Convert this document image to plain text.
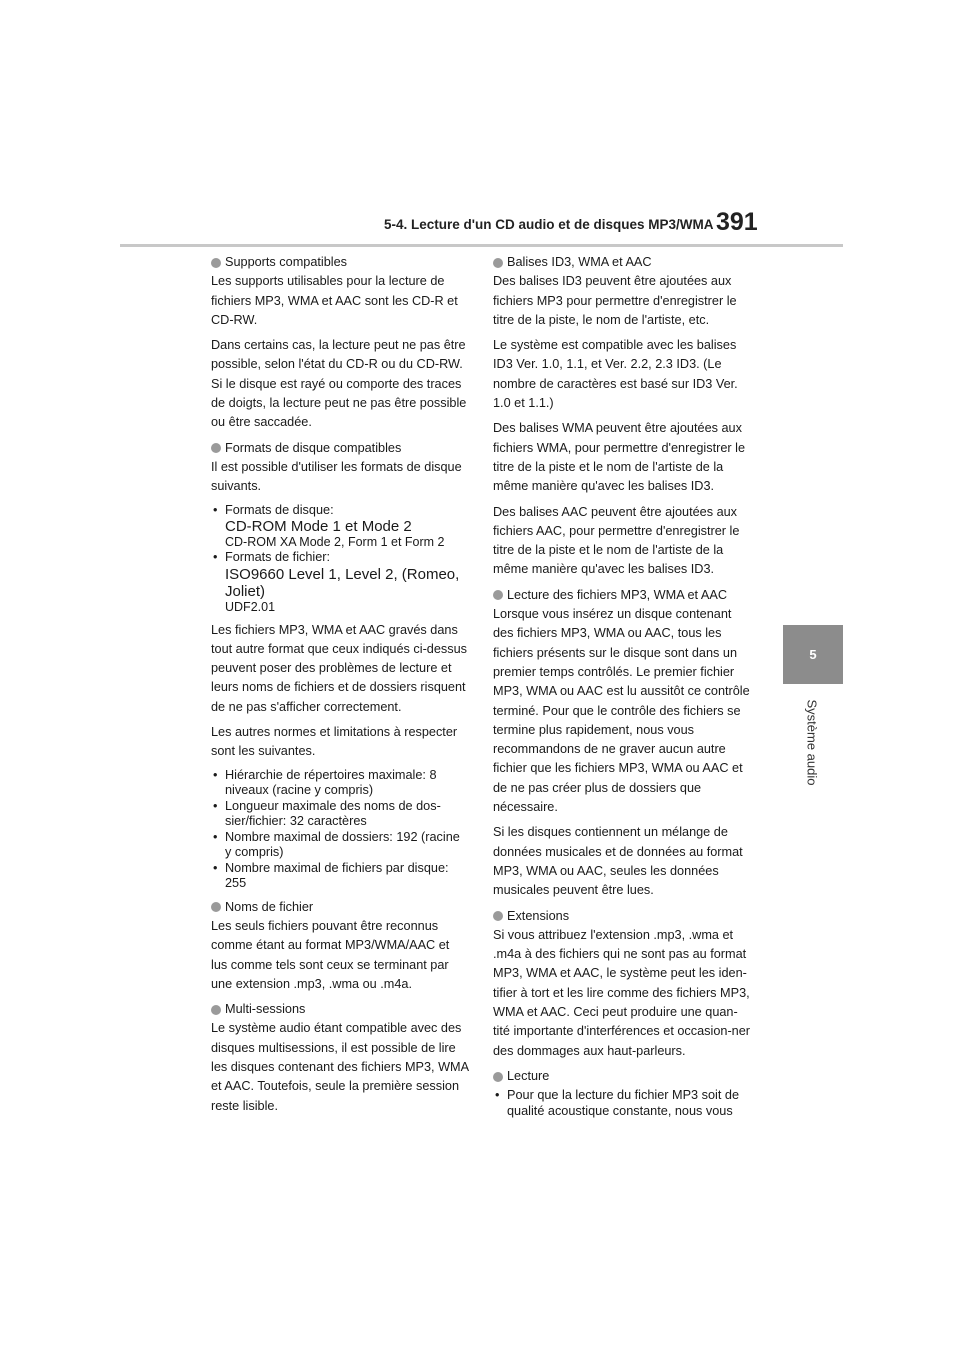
5-4. Lecture d'un CD audio et de disques MP3/WMA 391
5
Système audio
Supports compatibles

Les supports utilisables pour la lecture de fichiers MP3, WMA et AAC sont les CD-R et CD-RW.

Dans certains cas, la lecture peut ne pas être possible, selon l'état du CD-R ou du CD-RW. Si le disque est rayé ou comporte des traces de doigts, la lecture peut ne pas être possible ou être saccadée.

Formats de disque compatibles

Il est possible d'utiliser les formats de disque suivants.

• Formats de disque:
CD-ROM Mode 1 et Mode 2
CD-ROM XA Mode 2, Form 1 et Form 2
• Formats de fichier:
ISO9660 Level 1, Level 2, (Romeo, Joliet)
UDF2.01

Les fichiers MP3, WMA et AAC gravés dans tout autre format que ceux indiqués ci-dessus peuvent poser des problèmes de lecture et leurs noms de fichiers et de dossiers risquent de ne pas s'afficher correctement.

Les autres normes et limitations à respecter sont les suivantes.

• Hiérarchie de répertoires maximale: 8 niveaux (racine y compris)
• Longueur maximale des noms de dos-sier/fichier: 32 caractères
• Nombre maximal de dossiers: 192 (racine y compris)
• Nombre maximal de fichiers par disque: 255
Noms de fichier

Les seuls fichiers pouvant être reconnus comme étant au format MP3/WMA/AAC et lus comme tels sont ceux se terminant par une extension .mp3, .wma ou .m4a.

Multi-sessions

Le système audio étant compatible avec des disques multisessions, il est possible de lire les disques contenant des fichiers MP3, WMA et AAC. Toutefois, seule la première session reste lisible.

Balises ID3, WMA et AAC

Des balises ID3 peuvent être ajoutées aux fichiers MP3 pour permettre d'enregistrer le titre de la piste, le nom de l'artiste, etc.

Le système est compatible avec les balises ID3 Ver. 1.0, 1.1, et Ver. 2.2, 2.3 ID3. (Le nombre de caractères est basé sur ID3 Ver. 1.0 et 1.1.)

Des balises WMA peuvent être ajoutées aux fichiers WMA, pour permettre d'enregistrer le titre de la piste et le nom de l'artiste de la même manière qu'avec les balises ID3.

Des balises AAC peuvent être ajoutées aux fichiers AAC, pour permettre d'enregistrer le titre de la piste et le nom de l'artiste de la même manière qu'avec les balises ID3.

Lecture des fichiers MP3, WMA et AAC

Lorsque vous insérez un disque contenant des fichiers MP3, WMA ou AAC, tous les fichiers présents sur le disque sont dans un premier temps contrôlés. Le premier fichier MP3, WMA ou AAC est lu aussitôt ce contrôle terminé. Pour que le contrôle des fichiers se termine plus rapidement, nous vous recommandons de ne graver aucun autre fichier que les fichiers MP3, WMA ou AAC et de ne pas créer plus de dossiers que nécessaire.

Si les disques contiennent un mélange de données musicales et de données au format MP3, WMA ou AAC, seules les données musicales peuvent être lues.

Extensions

Si vous attribuez l'extension .mp3, .wma et .m4a à des fichiers qui ne sont pas au format MP3, WMA et AAC, le système peut les iden-tifier à tort et les lire comme des fichiers MP3, WMA et AAC. Ceci peut produire une quan-tité importante d'interférences et occasion-ner des dommages aux haut-parleurs.

Lecture
• Pour que la lecture du fichier MP3 soit de qualité acoustique constante, nous vous
